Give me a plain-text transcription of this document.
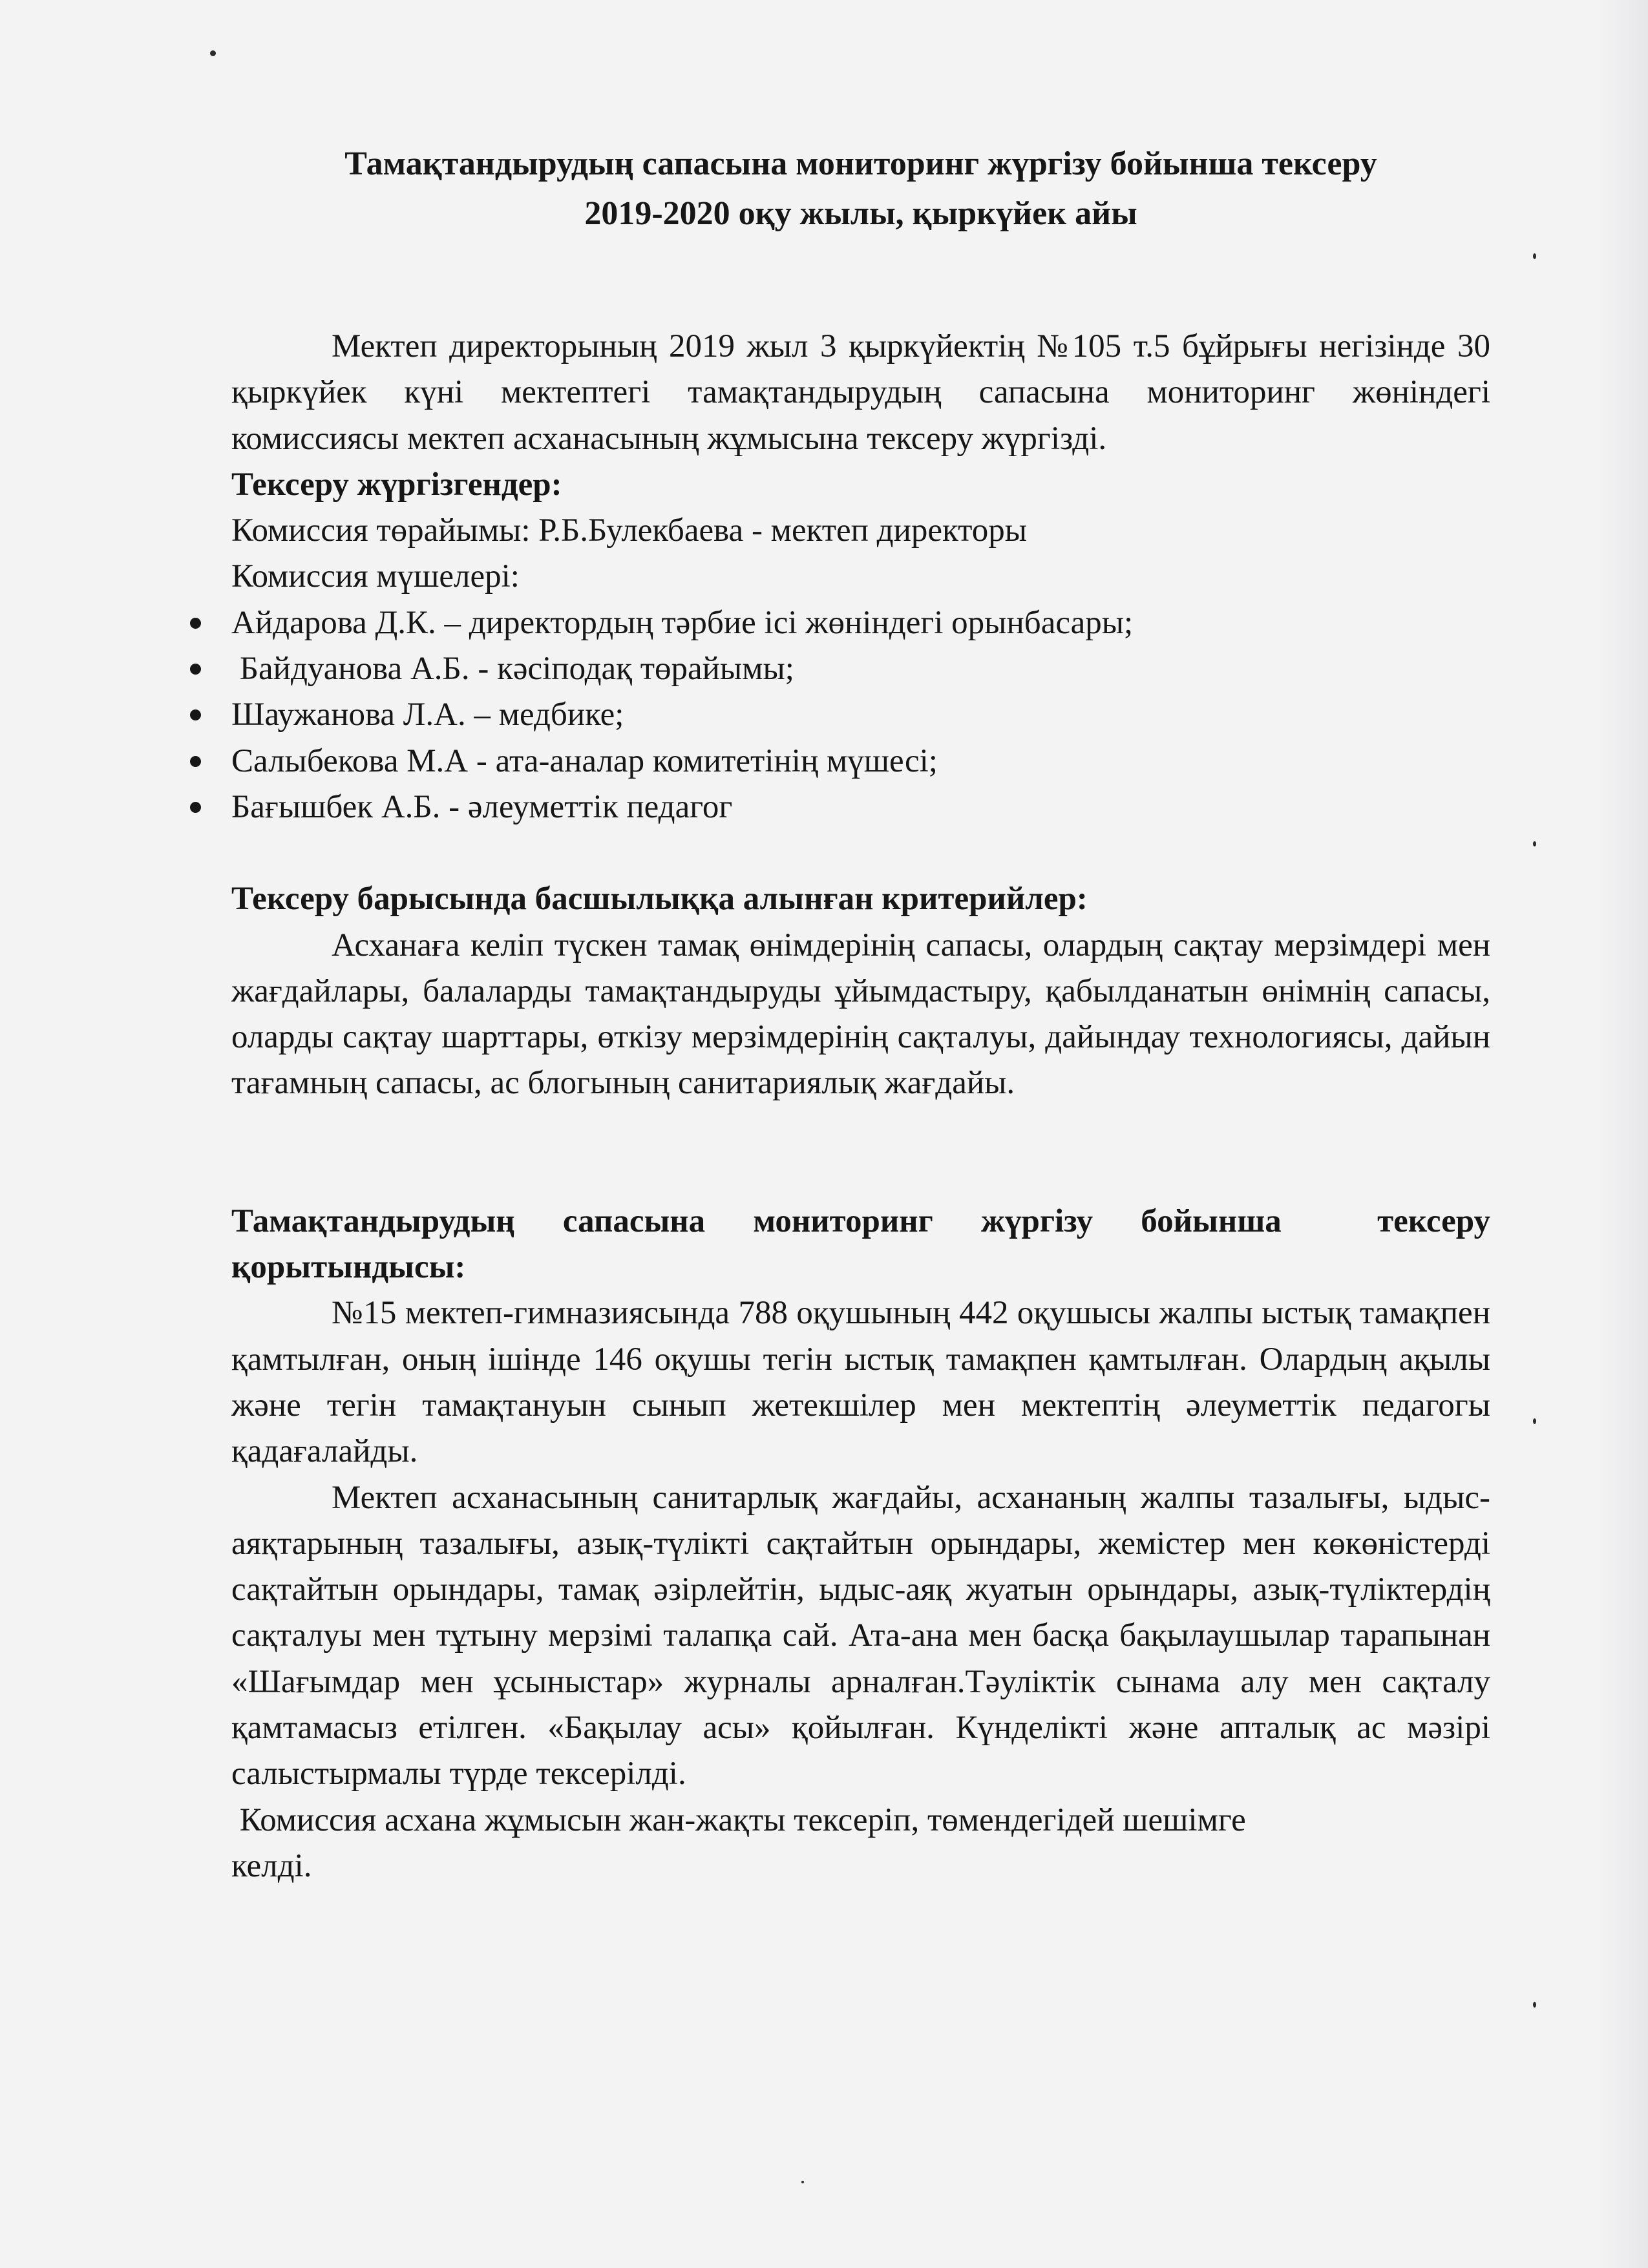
Тамақтандырудың сапасына мониторинг жүргізу бойынша тексеру

2019-2020 оқу жылы, қыркүйек айы

Мектеп директорының 2019 жыл 3 қыркүйектің №105 т.5 бұйрығы негізінде 30 қыркүйек күні мектептегі тамақтандырудың сапасына мониторинг жөніндегі комиссиясы мектеп асханасының жұмысына тексеру жүргізді.

Тексеру жүргізгендер:

Комиссия төрайымы: Р.Б.Булекбаева - мектеп директоры

Комиссия мүшелері:

Айдарова Д.К. – директордың тәрбие ісі жөніндегі орынбасары;
Байдуанова А.Б. - кәсіподақ төрайымы;
Шаужанова Л.А. – медбике;
Салыбекова М.А - ата-аналар комитетінің мүшесі;
Бағышбек А.Б. - әлеуметтік педагог

Тексеру барысында басшылыққа алынған критерийлер:

Асханаға келіп түскен тамақ өнімдерінің сапасы, олардың сақтау мерзімдері мен жағдайлары, балаларды тамақтандыруды ұйымдастыру, қабылданатын өнімнің сапасы, оларды сақтау шарттары, өткізу мерзімдерінің сақталуы, дайындау технологиясы, дайын тағамның сапасы, ас блогының санитариялық жағдайы.

Тамақтандырудың сапасына мониторинг жүргізу бойынша  тексеру қорытындысы:

№15 мектеп-гимназиясында 788 оқушының 442 оқушысы жалпы ыстық тамақпен қамтылған, оның ішінде 146 оқушы тегін ыстық тамақпен қамтылған. Олардың ақылы және тегін тамақтануын сынып жетекшілер мен мектептің әлеуметтік педагогы қадағалайды.

Мектеп асханасының санитарлық жағдайы, асхананың жалпы тазалығы, ыдыс-аяқтарының тазалығы, азық-түлікті сақтайтын орындары, жемістер мен көкөністерді сақтайтын орындары, тамақ әзірлейтін, ыдыс-аяқ жуатын орындары, азық-түліктердің сақталуы мен тұтыну мерзімі талапқа сай. Ата-ана мен басқа бақылаушылар тарапынан «Шағымдар мен ұсыныстар» журналы арналған.Тәуліктік сынама алу мен сақталу қамтамасыз етілген. «Бақылау асы» қойылған. Күнделікті және апталық ас мәзірі салыстырмалы түрде тексерілді.

Комиссия асхана жұмысын жан-жақты тексеріп, төмендегідей шешімге

келді.
